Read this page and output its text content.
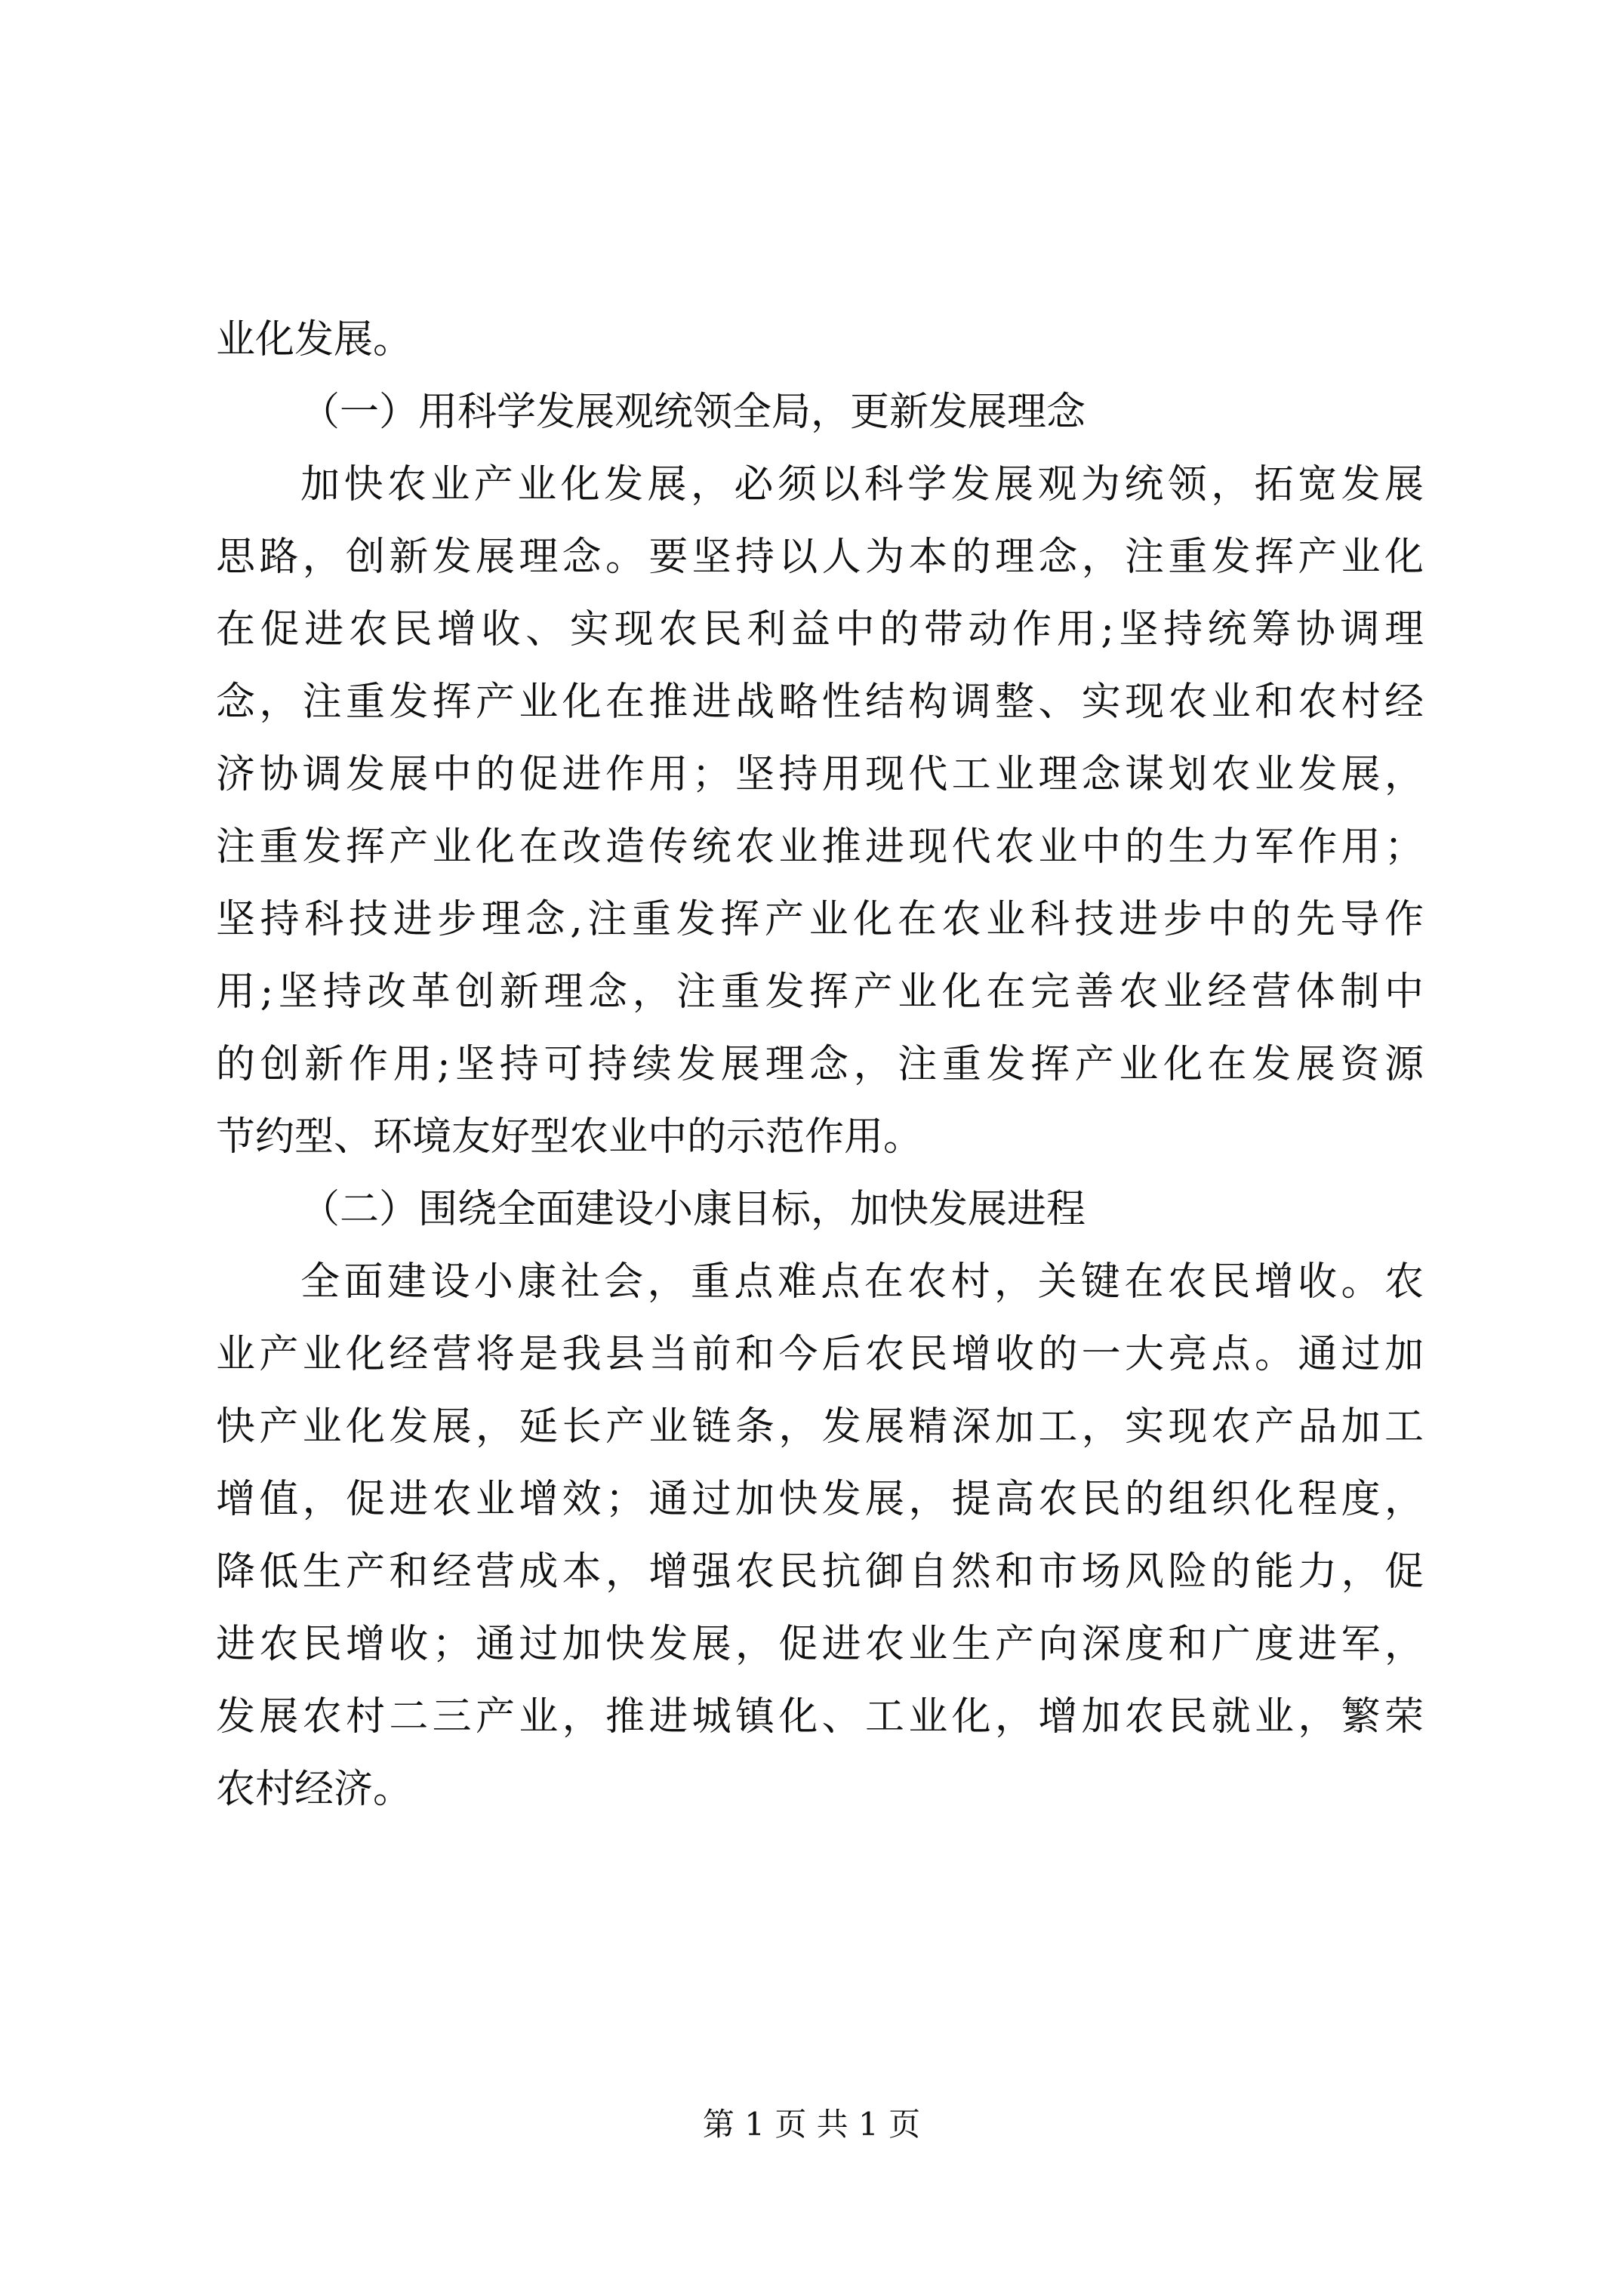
业化发展。
（一）用科学发展观统领全局，更新发展理念
加快农业产业化发展，必须以科学发展观为统领，拓宽发展
思路，创新发展理念。要坚持以人为本的理念，注重发挥产业化
在促进农民增收、实现农民利益中的带动作用;坚持统筹协调理
念，注重发挥产业化在推进战略性结构调整、实现农业和农村经
济协调发展中的促进作用；坚持用现代工业理念谋划农业发展，
注重发挥产业化在改造传统农业推进现代农业中的生力军作用；
坚持科技进步理念,注重发挥产业化在农业科技进步中的先导作
用;坚持改革创新理念，注重发挥产业化在完善农业经营体制中
的创新作用;坚持可持续发展理念，注重发挥产业化在发展资源
节约型、环境友好型农业中的示范作用。
（二）围绕全面建设小康目标，加快发展进程
全面建设小康社会，重点难点在农村，关键在农民增收。农
业产业化经营将是我县当前和今后农民增收的一大亮点。通过加
快产业化发展，延长产业链条，发展精深加工，实现农产品加工
增值，促进农业增效；通过加快发展，提高农民的组织化程度，
降低生产和经营成本，增强农民抗御自然和市场风险的能力，促
进农民增收；通过加快发展，促进农业生产向深度和广度进军，
发展农村二三产业，推进城镇化、工业化，增加农民就业，繁荣
农村经济。
第 1 页 共 1 页
